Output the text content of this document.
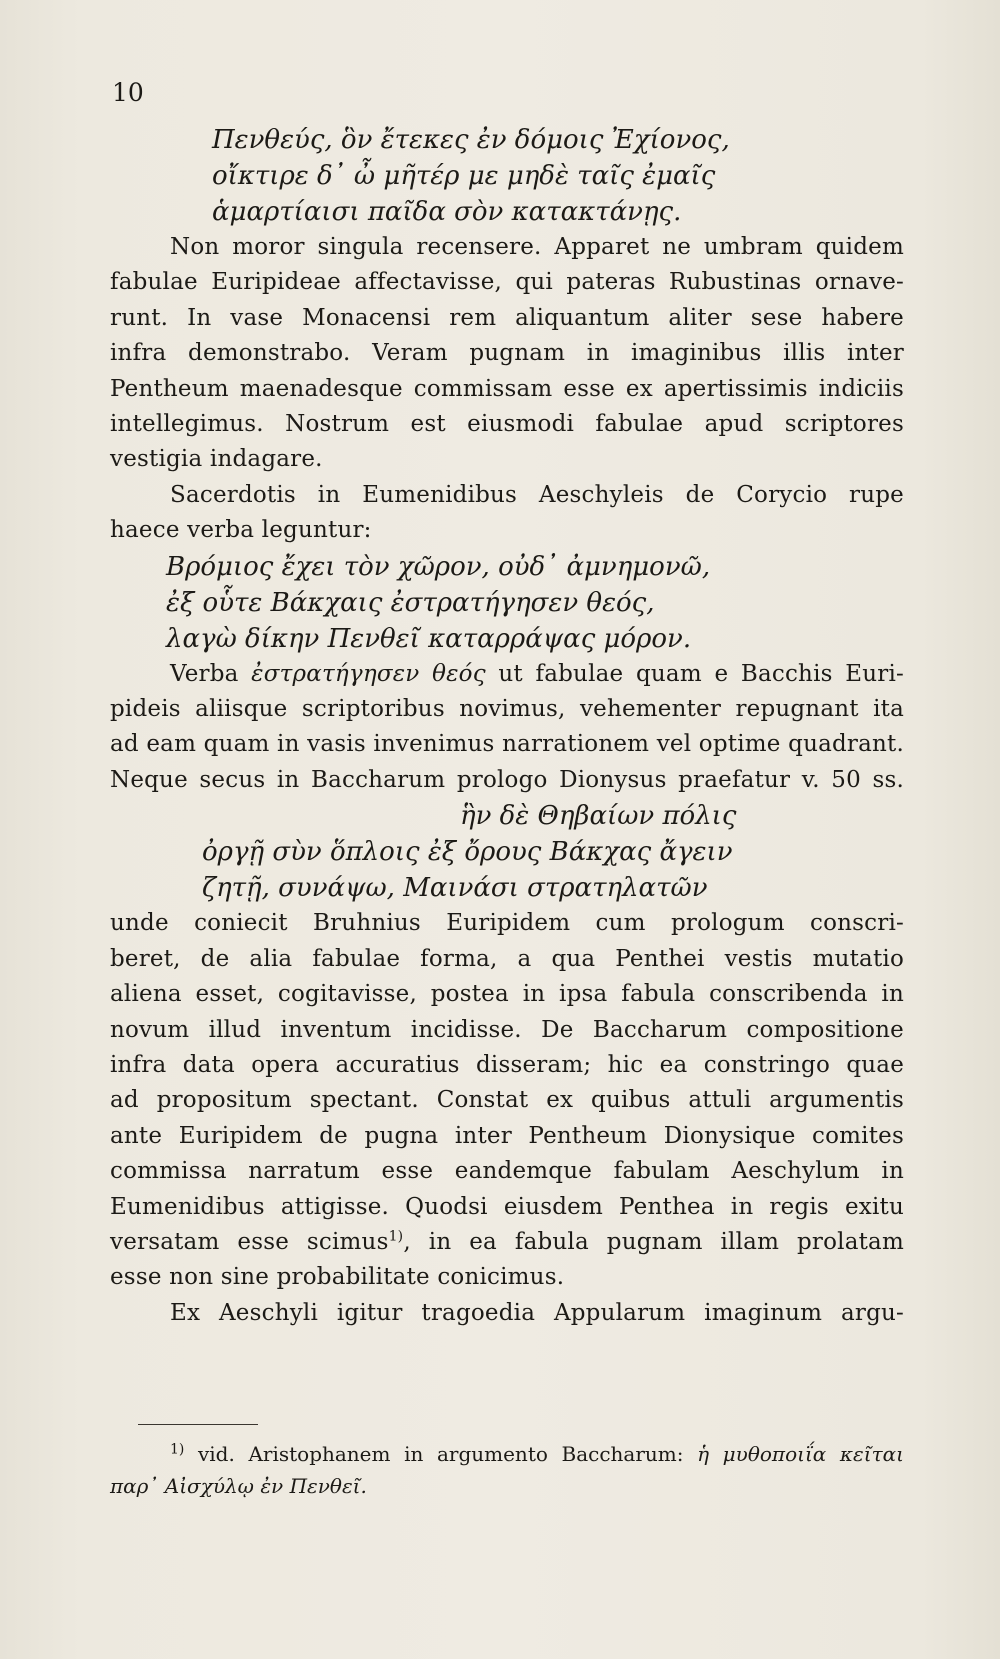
10
Πενθεύς, ὃν ἔτεκες ἐν δόμοις Ἐχίονος,
οἴκτιρε δ᾽ ὦ μῆτέρ με μηδὲ ταῖς ἐμαῖς
ἁμαρτίαισι παῖδα σὸν κατακτάνῃς.
Non moror singula recensere. Apparet ne umbram quidem
fabulae Euripideae affectavisse, qui pateras Rubustinas ornave-
runt. In vase Monacensi rem aliquantum aliter sese habere
infra demonstrabo. Veram pugnam in imaginibus illis inter
Pentheum maenadesque commissam esse ex apertissimis indiciis
intellegimus. Nostrum est eiusmodi fabulae apud scriptores
vestigia indagare.
Sacerdotis in Eumenidibus Aeschyleis de Corycio rupe
haece verba leguntur:
Βρόμιος ἔχει τὸν χῶρον, οὐδ᾽ ἀμνημονῶ,
ἐξ οὗτε Βάκχαις ἐστρατήγησεν θεός,
λαγὼ δίκην Πενθεῖ καταρράψας μόρον.
Verba ἐστρατήγησεν θεός ut fabulae quam e Bacchis Euri-
pideis aliisque scriptoribus novimus, vehementer repugnant ita
ad eam quam in vasis invenimus narrationem vel optime quadrant.
Neque secus in Baccharum prologo Dionysus praefatur v. 50 ss.
ἣν δὲ Θηβαίων πόλις
ὀργῇ σὺν ὅπλοις ἐξ ὄρους Βάκχας ἄγειν
ζητῇ, συνάψω, Μαινάσι στρατηλατῶν
unde coniecit Bruhnius Euripidem cum prologum conscri-
beret, de alia fabulae forma, a qua Penthei vestis mutatio
aliena esset, cogitavisse, postea in ipsa fabula conscribenda in
novum illud inventum incidisse. De Baccharum compositione
infra data opera accuratius disseram; hic ea constringo quae
ad propositum spectant. Constat ex quibus attuli argumentis
ante Euripidem de pugna inter Pentheum Dionysique comites
commissa narratum esse eandemque fabulam Aeschylum in
Eumenidibus attigisse. Quodsi eiusdem Penthea in regis exitu
versatam esse scimus$^{1)}$, in ea fabula pugnam illam prolatam
esse non sine probabilitate conicimus.
Ex Aeschyli igitur tragoedia Appularum imaginum argu-
$^{1)}$ vid. Aristophanem in argumento Baccharum: ἡ μυθοποιΐα κεῖται
παρ᾽ Αἰσχύλῳ ἐν Πενθεῖ.
